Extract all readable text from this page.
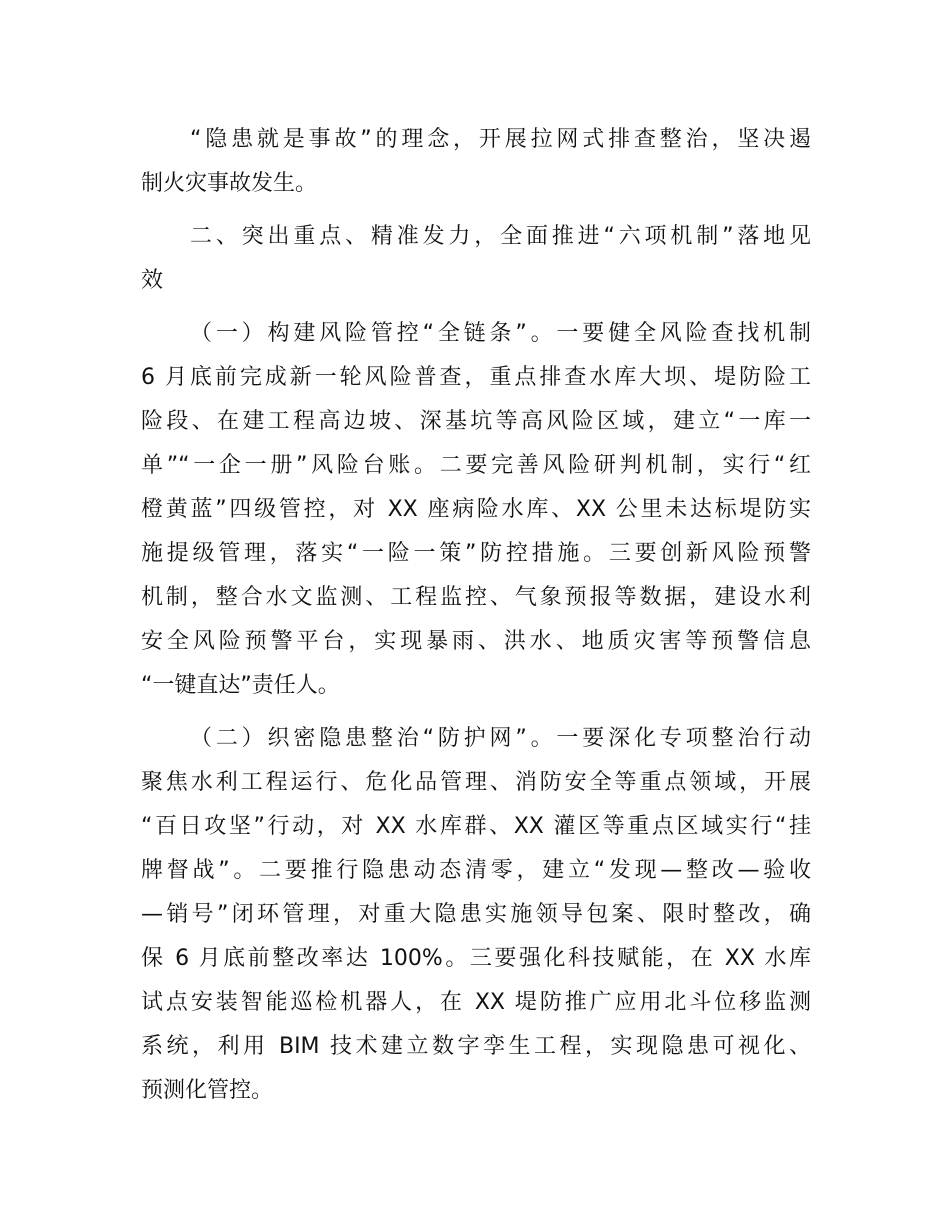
“隐患就是事故”的理念，开展拉网式排查整治，坚决遏
制火灾事故发生。
二、突出重点、精准发力，全面推进“六项机制”落地见
效
（一）构建风险管控“全链条”。一要健全风险查找机制
6 月底前完成新一轮风险普查，重点排查水库大坝、堤防险工
险段、在建工程高边坡、深基坑等高风险区域，建立“一库一
单”“一企一册”风险台账。二要完善风险研判机制，实行“红
橙黄蓝”四级管控，对 XX 座病险水库、XX 公里未达标堤防实
施提级管理，落实“一险一策”防控措施。三要创新风险预警
机制，整合水文监测、工程监控、气象预报等数据，建设水利
安全风险预警平台，实现暴雨、洪水、地质灾害等预警信息
“一键直达”责任人。
（二）织密隐患整治“防护网”。一要深化专项整治行动
聚焦水利工程运行、危化品管理、消防安全等重点领域，开展
“百日攻坚”行动，对 XX 水库群、XX 灌区等重点区域实行“挂
牌督战”。二要推行隐患动态清零，建立“发现—整改—验收
—销号”闭环管理，对重大隐患实施领导包案、限时整改，确
保 6 月底前整改率达 100%。三要强化科技赋能，在 XX 水库
试点安装智能巡检机器人，在 XX 堤防推广应用北斗位移监测
系统，利用 BIM 技术建立数字孪生工程，实现隐患可视化、
预测化管控。
